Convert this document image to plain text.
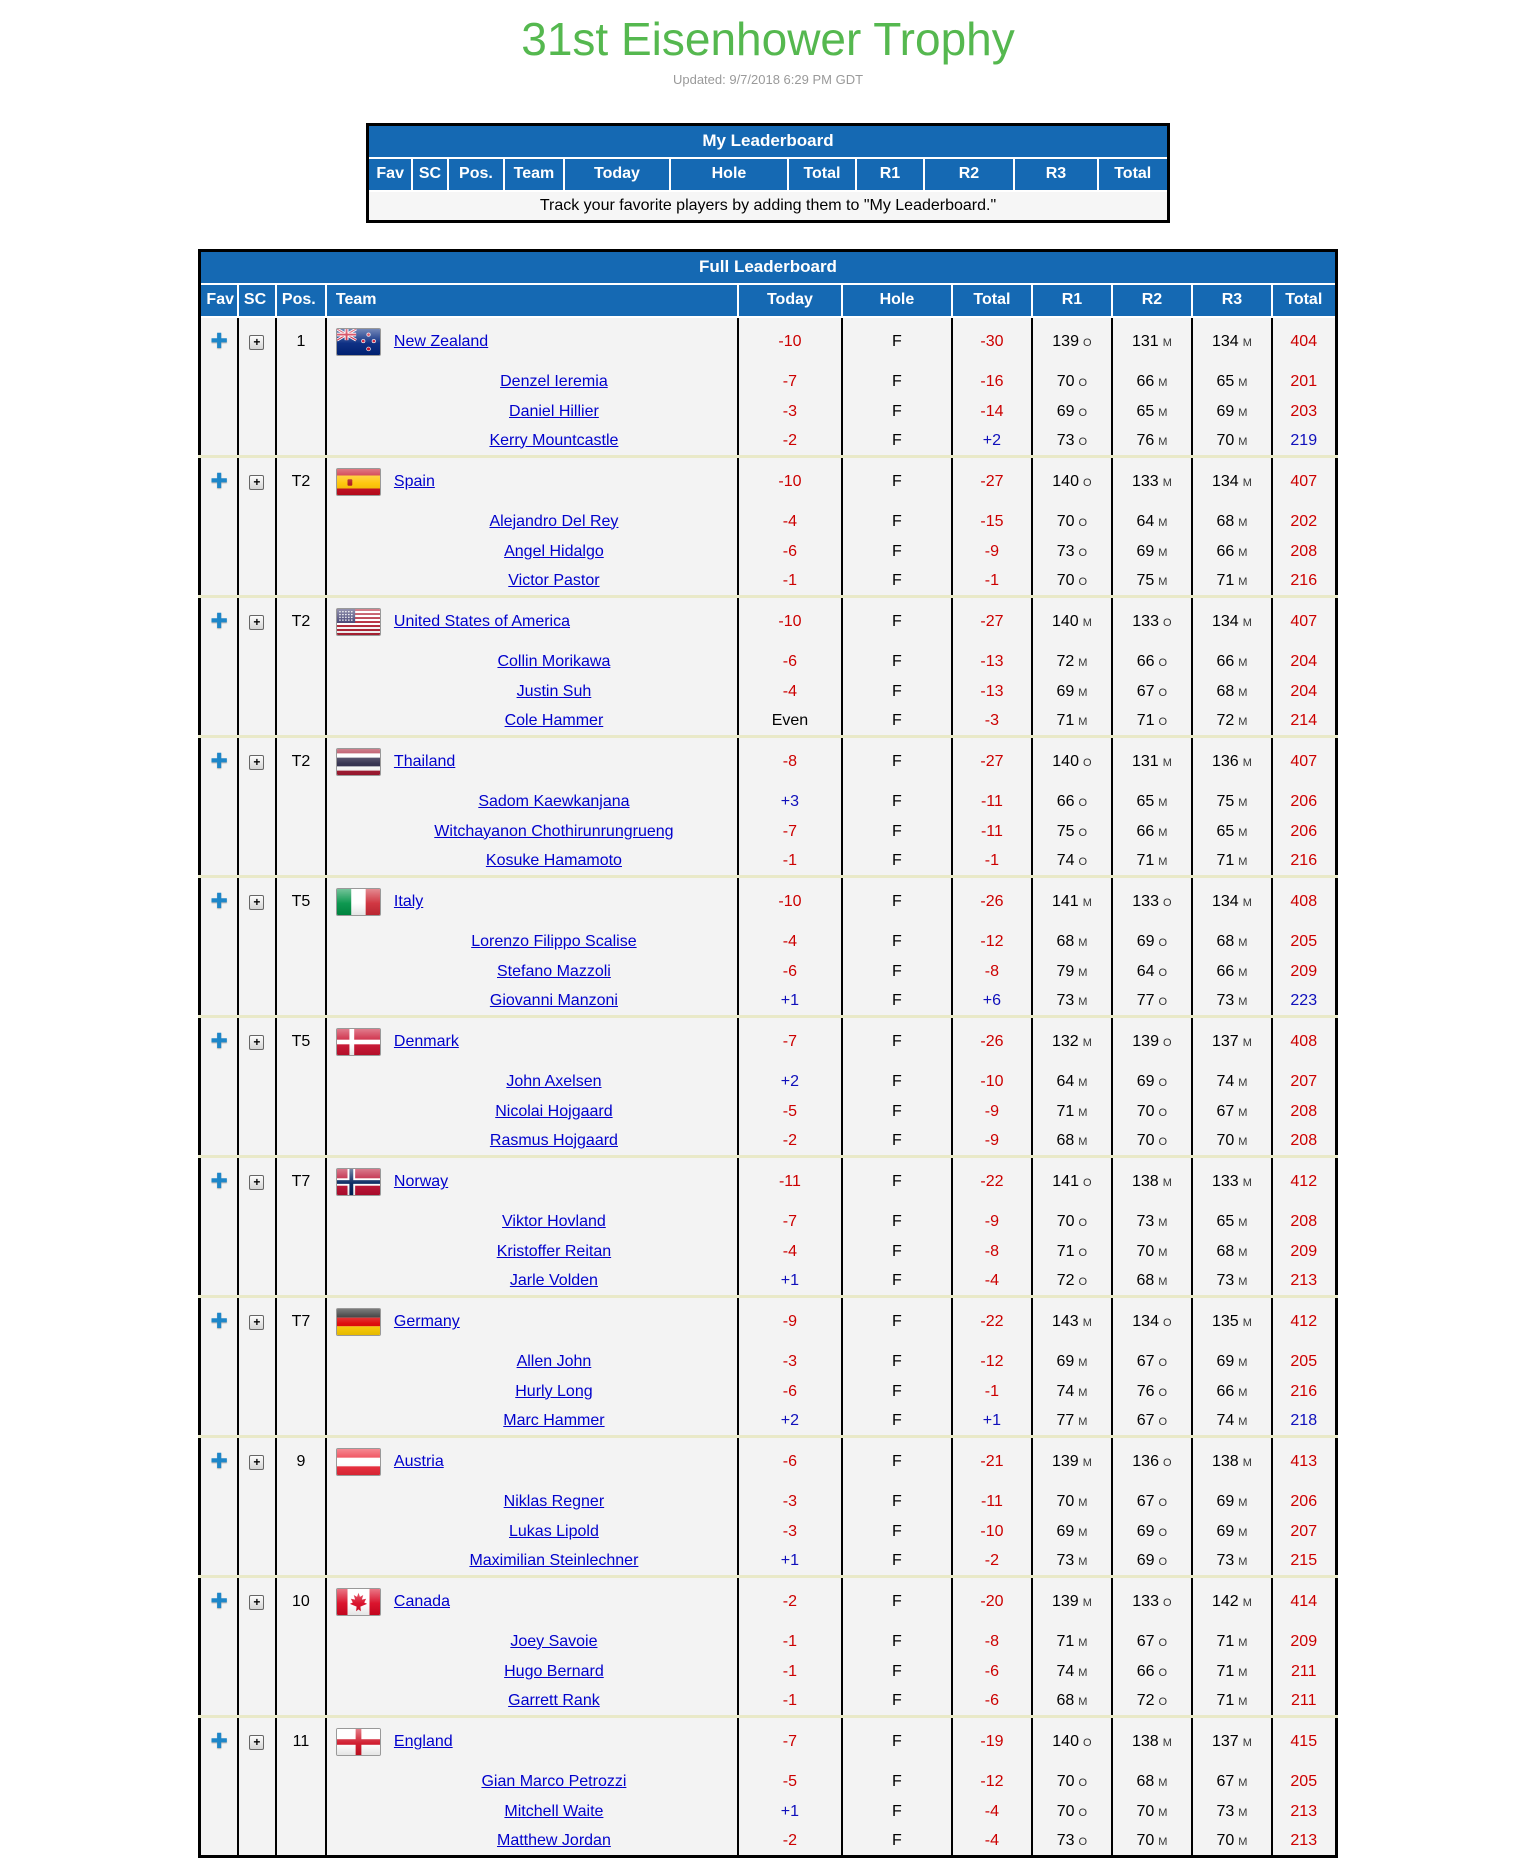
31st Eisenhower Trophy
Updated: 9/7/2018 6:29 PM GDT
My Leaderboard
Fav	SC	Pos.	Team	Today	Hole	Total	R1	R2	R3	Total
Track your favorite players by adding them to "My Leaderboard."
Full Leaderboard										
Fav	SC	Pos.	Team	Today	Hole	Total	R1	R2	R3	Total
✚	+	1	New Zealand	-10	F	-30	139 O	131 M	134 M	404
			Denzel Ieremia	-7	F	-16	70 O	66 M	65 M	201
			Daniel Hillier	-3	F	-14	69 O	65 M	69 M	203
			Kerry Mountcastle	-2	F	+2	73 O	76 M	70 M	219
✚	+	T2	Spain	-10	F	-27	140 O	133 M	134 M	407
			Alejandro Del Rey	-4	F	-15	70 O	64 M	68 M	202
			Angel Hidalgo	-6	F	-9	73 O	69 M	66 M	208
			Victor Pastor	-1	F	-1	70 O	75 M	71 M	216
✚	+	T2	United States of America	-10	F	-27	140 M	133 O	134 M	407
			Collin Morikawa	-6	F	-13	72 M	66 O	66 M	204
			Justin Suh	-4	F	-13	69 M	67 O	68 M	204
			Cole Hammer	Even	F	-3	71 M	71 O	72 M	214
✚	+	T2	Thailand	-8	F	-27	140 O	131 M	136 M	407
			Sadom Kaewkanjana	+3	F	-11	66 O	65 M	75 M	206
			Witchayanon Chothirunrungrueng	-7	F	-11	75 O	66 M	65 M	206
			Kosuke Hamamoto	-1	F	-1	74 O	71 M	71 M	216
✚	+	T5	Italy	-10	F	-26	141 M	133 O	134 M	408
			Lorenzo Filippo Scalise	-4	F	-12	68 M	69 O	68 M	205
			Stefano Mazzoli	-6	F	-8	79 M	64 O	66 M	209
			Giovanni Manzoni	+1	F	+6	73 M	77 O	73 M	223
✚	+	T5	Denmark	-7	F	-26	132 M	139 O	137 M	408
			John Axelsen	+2	F	-10	64 M	69 O	74 M	207
			Nicolai Hojgaard	-5	F	-9	71 M	70 O	67 M	208
			Rasmus Hojgaard	-2	F	-9	68 M	70 O	70 M	208
✚	+	T7	Norway	-11	F	-22	141 O	138 M	133 M	412
			Viktor Hovland	-7	F	-9	70 O	73 M	65 M	208
			Kristoffer Reitan	-4	F	-8	71 O	70 M	68 M	209
			Jarle Volden	+1	F	-4	72 O	68 M	73 M	213
✚	+	T7	Germany	-9	F	-22	143 M	134 O	135 M	412
			Allen John	-3	F	-12	69 M	67 O	69 M	205
			Hurly Long	-6	F	-1	74 M	76 O	66 M	216
			Marc Hammer	+2	F	+1	77 M	67 O	74 M	218
✚	+	9	Austria	-6	F	-21	139 M	136 O	138 M	413
			Niklas Regner	-3	F	-11	70 M	67 O	69 M	206
			Lukas Lipold	-3	F	-10	69 M	69 O	69 M	207
			Maximilian Steinlechner	+1	F	-2	73 M	69 O	73 M	215
✚	+	10	Canada	-2	F	-20	139 M	133 O	142 M	414
			Joey Savoie	-1	F	-8	71 M	67 O	71 M	209
			Hugo Bernard	-1	F	-6	74 M	66 O	71 M	211
			Garrett Rank	-1	F	-6	68 M	72 O	71 M	211
✚	+	11	England	-7	F	-19	140 O	138 M	137 M	415
			Gian Marco Petrozzi	-5	F	-12	70 O	68 M	67 M	205
			Mitchell Waite	+1	F	-4	70 O	70 M	73 M	213
			Matthew Jordan	-2	F	-4	73 O	70 M	70 M	213
